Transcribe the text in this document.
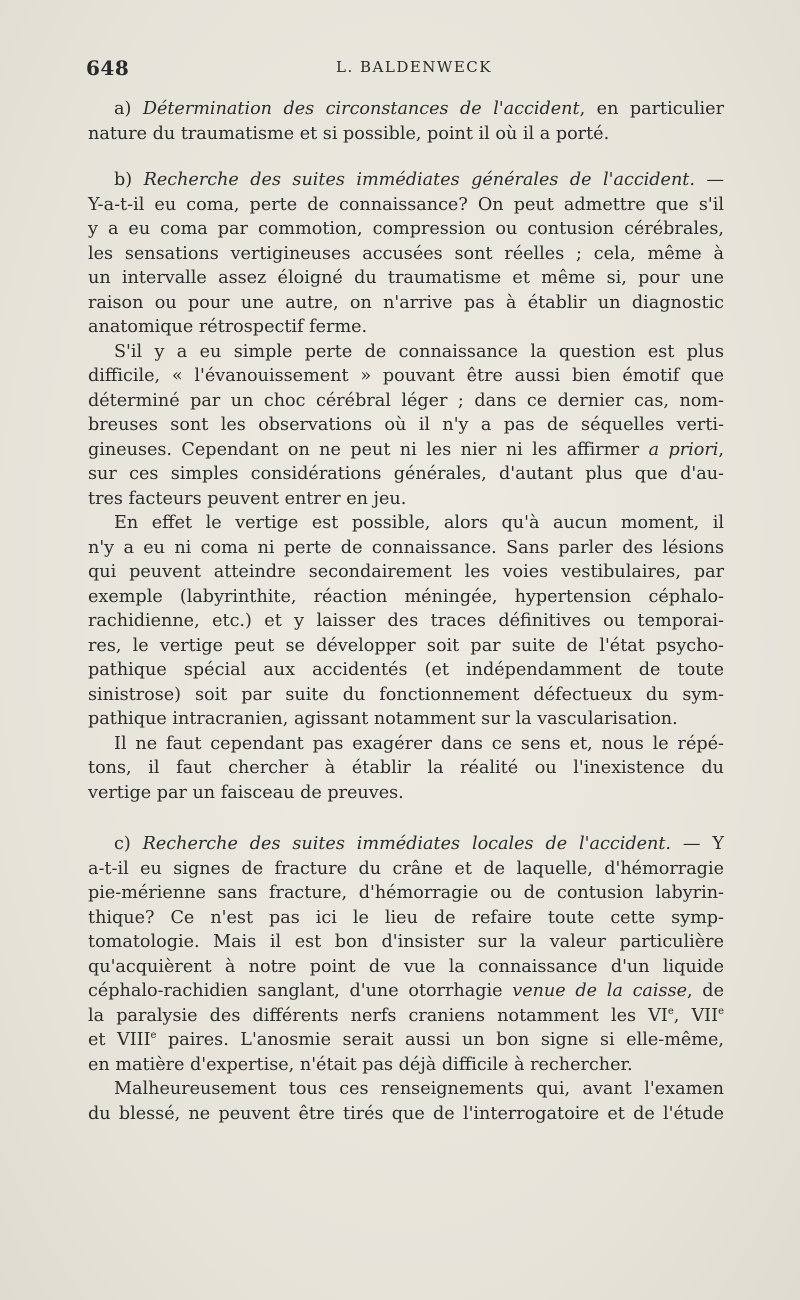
648	L. BALDENWECK
a) Détermination des circonstances de l'accident, en particulier
nature du traumatisme et si possible, point il où il a porté.
b) Recherche des suites immédiates générales de l'accident. —
Y-a-t-il eu coma, perte de connaissance? On peut admettre que s'il
y a eu coma par commotion, compression ou contusion cérébrales,
les sensations vertigineuses accusées sont réelles ; cela, même à
un intervalle assez éloigné du traumatisme et même si, pour une
raison ou pour une autre, on n'arrive pas à établir un diagnostic
anatomique rétrospectif ferme.
S'il y a eu simple perte de connaissance la question est plus
difficile, « l'évanouissement » pouvant être aussi bien émotif que
déterminé par un choc cérébral léger ; dans ce dernier cas, nom-
breuses sont les observations où il n'y a pas de séquelles verti-
gineuses. Cependant on ne peut ni les nier ni les affirmer a priori,
sur ces simples considérations générales, d'autant plus que d'au-
tres facteurs peuvent entrer en jeu.
En effet le vertige est possible, alors qu'à aucun moment, il
n'y a eu ni coma ni perte de connaissance. Sans parler des lésions
qui peuvent atteindre secondairement les voies vestibulaires, par
exemple (labyrinthite, réaction méningée, hypertension céphalo-
rachidienne, etc.) et y laisser des traces définitives ou temporai-
res, le vertige peut se développer soit par suite de l'état psycho-
pathique spécial aux accidentés (et indépendamment de toute
sinistrose) soit par suite du fonctionnement défectueux du sym-
pathique intracranien, agissant notamment sur la vascularisation.
Il ne faut cependant pas exagérer dans ce sens et, nous le répé-
tons, il faut chercher à établir la réalité ou l'inexistence du
vertige par un faisceau de preuves.
c) Recherche des suites immédiates locales de l'accident. — Y
a-t-il eu signes de fracture du crâne et de laquelle, d'hémorragie
pie-mérienne sans fracture, d'hémorragie ou de contusion labyrin-
thique? Ce n'est pas ici le lieu de refaire toute cette symp-
tomatologie. Mais il est bon d'insister sur la valeur particulière
qu'acquièrent à notre point de vue la connaissance d'un liquide
céphalo-rachidien sanglant, d'une otorrhagie venue de la caisse, de
la paralysie des différents nerfs craniens notamment les VIe, VIIe
et VIIIe paires. L'anosmie serait aussi un bon signe si elle-même,
en matière d'expertise, n'était pas déjà difficile à rechercher.
Malheureusement tous ces renseignements qui, avant l'examen
du blessé, ne peuvent être tirés que de l'interrogatoire et de l'étude
